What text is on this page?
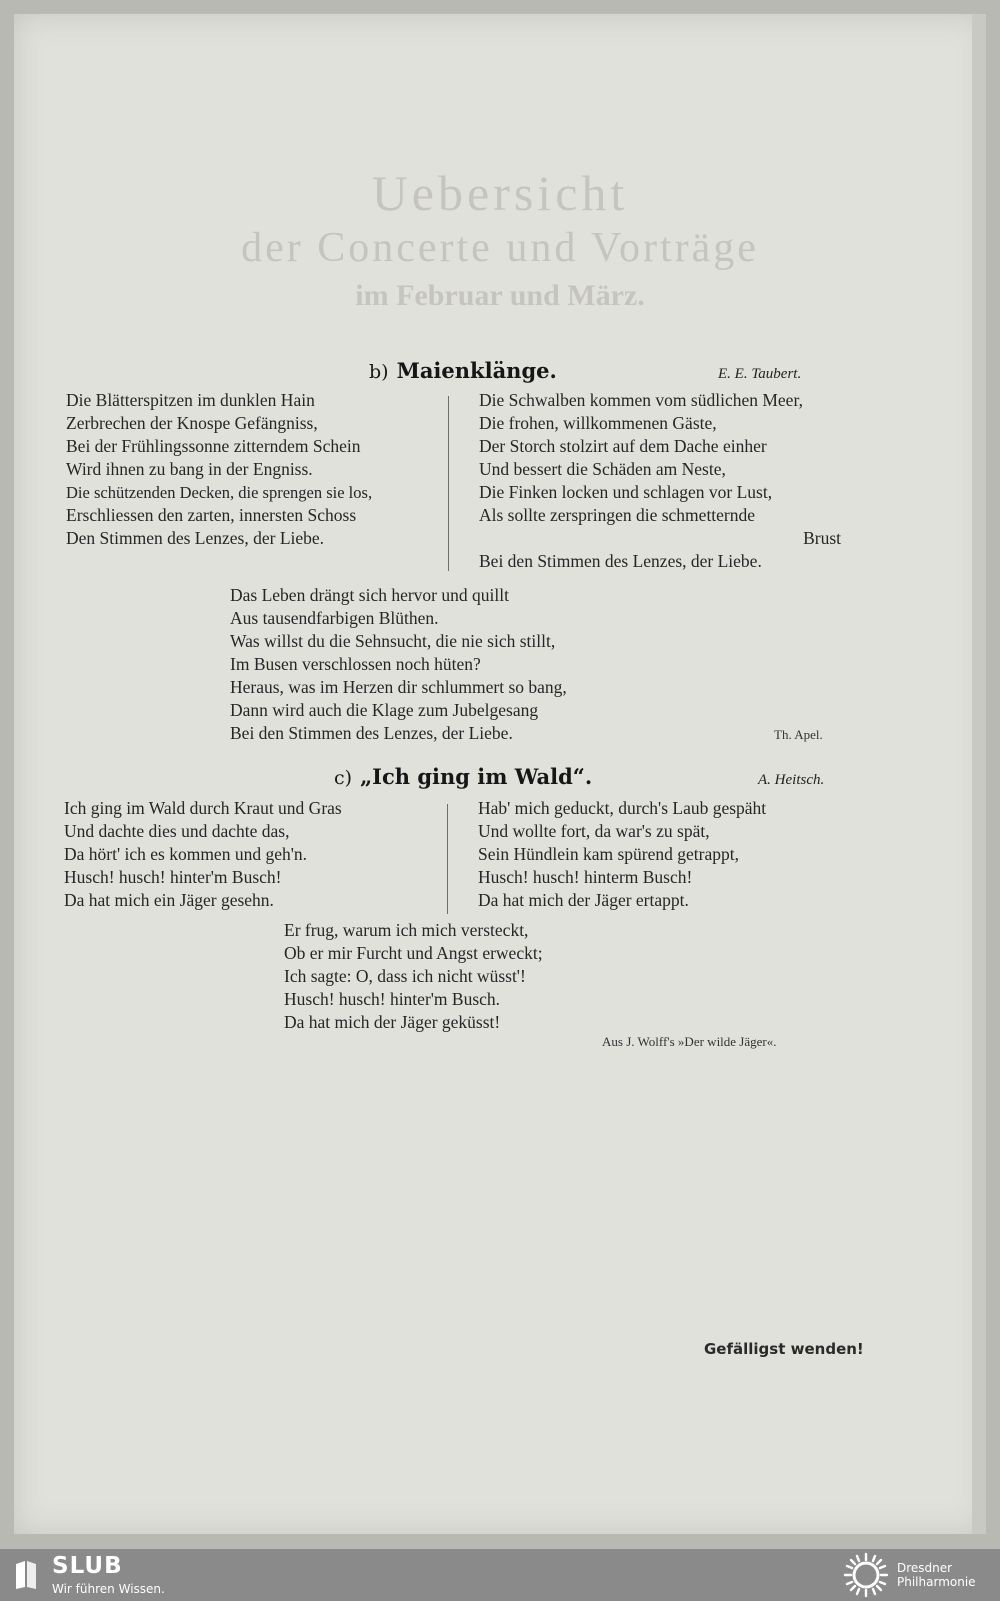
Uebersicht
der Concerte und Vorträge
im Februar und März.
b) Maienklänge.	E. E. Taubert.
Die Blätterspitzen im dunklen Hain
Zerbrechen der Knospe Gefängniss,
Bei der Frühlingssonne zitterndem Schein
Wird ihnen zu bang in der Engniss.
Die schützenden Decken, die sprengen sie los,
Erschliessen den zarten, innersten Schoss
Den Stimmen des Lenzes, der Liebe.
Die Schwalben kommen vom südlichen Meer,
Die frohen, willkommenen Gäste,
Der Storch stolzirt auf dem Dache einher
Und bessert die Schäden am Neste,
Die Finken locken und schlagen vor Lust,
Als sollte zerspringen die schmetternde
Brust
Bei den Stimmen des Lenzes, der Liebe.
Das Leben drängt sich hervor und quillt
Aus tausendfarbigen Blüthen.
Was willst du die Sehnsucht, die nie sich stillt,
Im Busen verschlossen noch hüten?
Heraus, was im Herzen dir schlummert so bang,
Dann wird auch die Klage zum Jubelgesang
Bei den Stimmen des Lenzes, der Liebe.	Th. Apel.
c) „Ich ging im Wald“.	A. Heitsch.
Ich ging im Wald durch Kraut und Gras
Und dachte dies und dachte das,
Da hört' ich es kommen und geh'n.
Husch! husch! hinter'm Busch!
Da hat mich ein Jäger gesehn.
Hab' mich geduckt, durch's Laub gespäht
Und wollte fort, da war's zu spät,
Sein Hündlein kam spürend getrappt,
Husch! husch! hinterm Busch!
Da hat mich der Jäger ertappt.
Er frug, warum ich mich versteckt,
Ob er mir Furcht und Angst erweckt;
Ich sagte: O, dass ich nicht wüsst'!
Husch! husch! hinter'm Busch.
Da hat mich der Jäger geküsst!
Aus J. Wolff's »Der wilde Jäger«.
Gefälligst wenden!
SLUB
Wir führen Wissen.
Dresdner
Philharmonie
